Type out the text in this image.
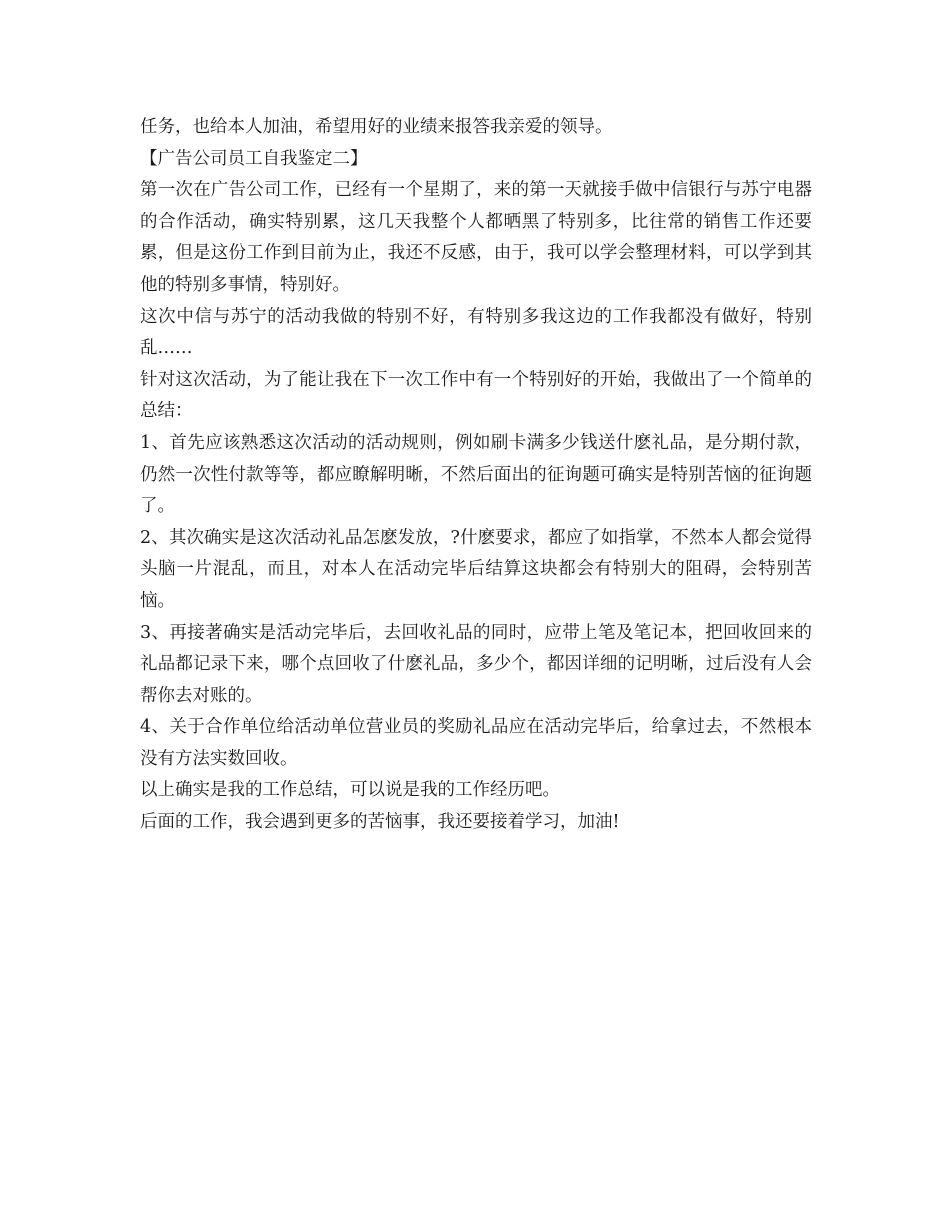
任务，也给本人加油，希望用好的业绩来报答我亲爱的领导。

【广告公司员工自我鉴定二】

第一次在广告公司工作，已经有一个星期了，来的第一天就接手做中信银行与苏宁电器的合作活动，确实特别累，这几天我整个人都晒黑了特别多，比往常的销售工作还要累，但是这份工作到目前为止，我还不反感，由于，我可以学会整理材料，可以学到其他的特别多事情，特别好。

这次中信与苏宁的活动我做的特别不好，有特别多我这边的工作我都没有做好，特别乱……

针对这次活动，为了能让我在下一次工作中有一个特别好的开始，我做出了一个简单的总结：

1、首先应该熟悉这次活动的活动规则，例如刷卡满多少钱送什麽礼品，是分期付款，仍然一次性付款等等，都应瞭解明晰，不然后面出的征询题可确实是特别苦恼的征询题了。

2、其次确实是这次活动礼品怎麽发放，?什麽要求，都应了如指掌，不然本人都会觉得头脑一片混乱，而且，对本人在活动完毕后结算这块都会有特别大的阻碍，会特别苦恼。

3、再接著确实是活动完毕后，去回收礼品的同时，应带上笔及笔记本，把回收回来的礼品都记录下来，哪个点回收了什麽礼品，多少个，都因详细的记明晰，过后没有人会帮你去对账的。

4、关于合作单位给活动单位营业员的奖励礼品应在活动完毕后，给拿过去，不然根本没有方法实数回收。

以上确实是我的工作总结，可以说是我的工作经历吧。

后面的工作，我会遇到更多的苦恼事，我还要接着学习，加油!
